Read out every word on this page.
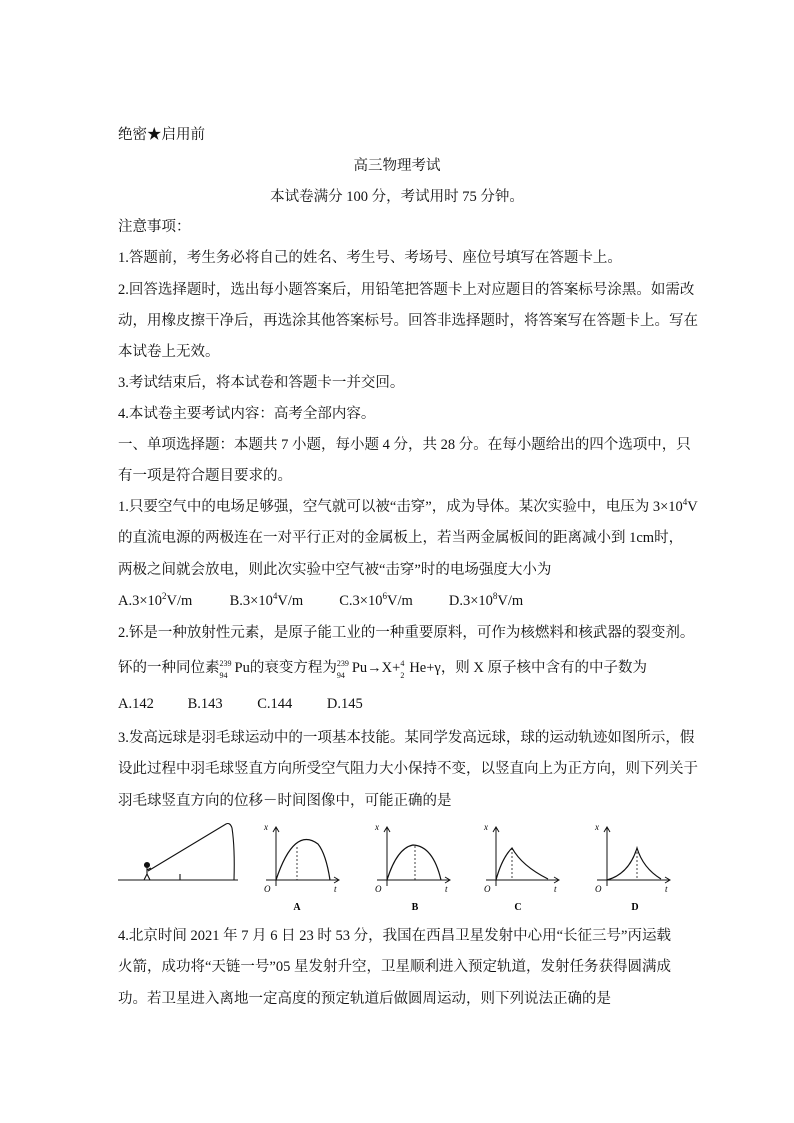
绝密★启用前
高三物理考试
本试卷满分 100 分，考试用时 75 分钟。
注意事项：
1.答题前，考生务必将自己的姓名、考生号、考场号、座位号填写在答题卡上。
2.回答选择题时，选出每小题答案后，用铅笔把答题卡上对应题目的答案标号涂黑。如需改
动，用橡皮擦干净后，再选涂其他答案标号。回答非选择题时，将答案写在答题卡上。写在
本试卷上无效。
3.考试结束后，将本试卷和答题卡一并交回。
4.本试卷主要考试内容：高考全部内容。
一、单项选择题：本题共 7 小题，每小题 4 分，共 28 分。在每小题给出的四个选项中，只
有一项是符合题目要求的。
1.只要空气中的电场足够强，空气就可以被“击穿”，成为导体。某次实验中，电压为 $3\times 10^4V$
的直流电源的两极连在一对平行正对的金属板上，若当两金属板间的距离减小到 1cm时，
两极之间就会放电，则此次实验中空气被“击穿”时的电场强度大小为
$A.3\times 10^2V/m$	$B.3\times 10^4V/m$ $C.3\times 10^6V/m$ $D.3\times 10^8V/m$
2.钚是一种放射性元素，是原子能工业的一种重要原料，可作为核燃料和核武器的裂变剂。
钚的一种同位素 239
94 Pu的衰变方程为 239
94 Pu→X+ 4
2 He+γ，则 X 原子核中含有的中子数为
A.142 B.143 C.144 D.145
3.发高远球是羽毛球运动中的一项基本技能。某同学发高远球，球的运动轨迹如图所示，假
设此过程中羽毛球竖直方向所受空气阻力大小保持不变，以竖直向上为正方向，则下列关于
羽毛球竖直方向的位移－时间图像中，可能正确的是
x
t
O
A
x
t
O
B
x
t
O
C
x
t
O
D
4.北京时间 2021 年 7 月 6 日 23 时 53 分，我国在西昌卫星发射中心用“长征三号”丙运载
火箭，成功将“天链一号”05 星发射升空，卫星顺利进入预定轨道，发射任务获得圆满成
功。若卫星进入离地一定高度的预定轨道后做圆周运动，则下列说法正确的是
